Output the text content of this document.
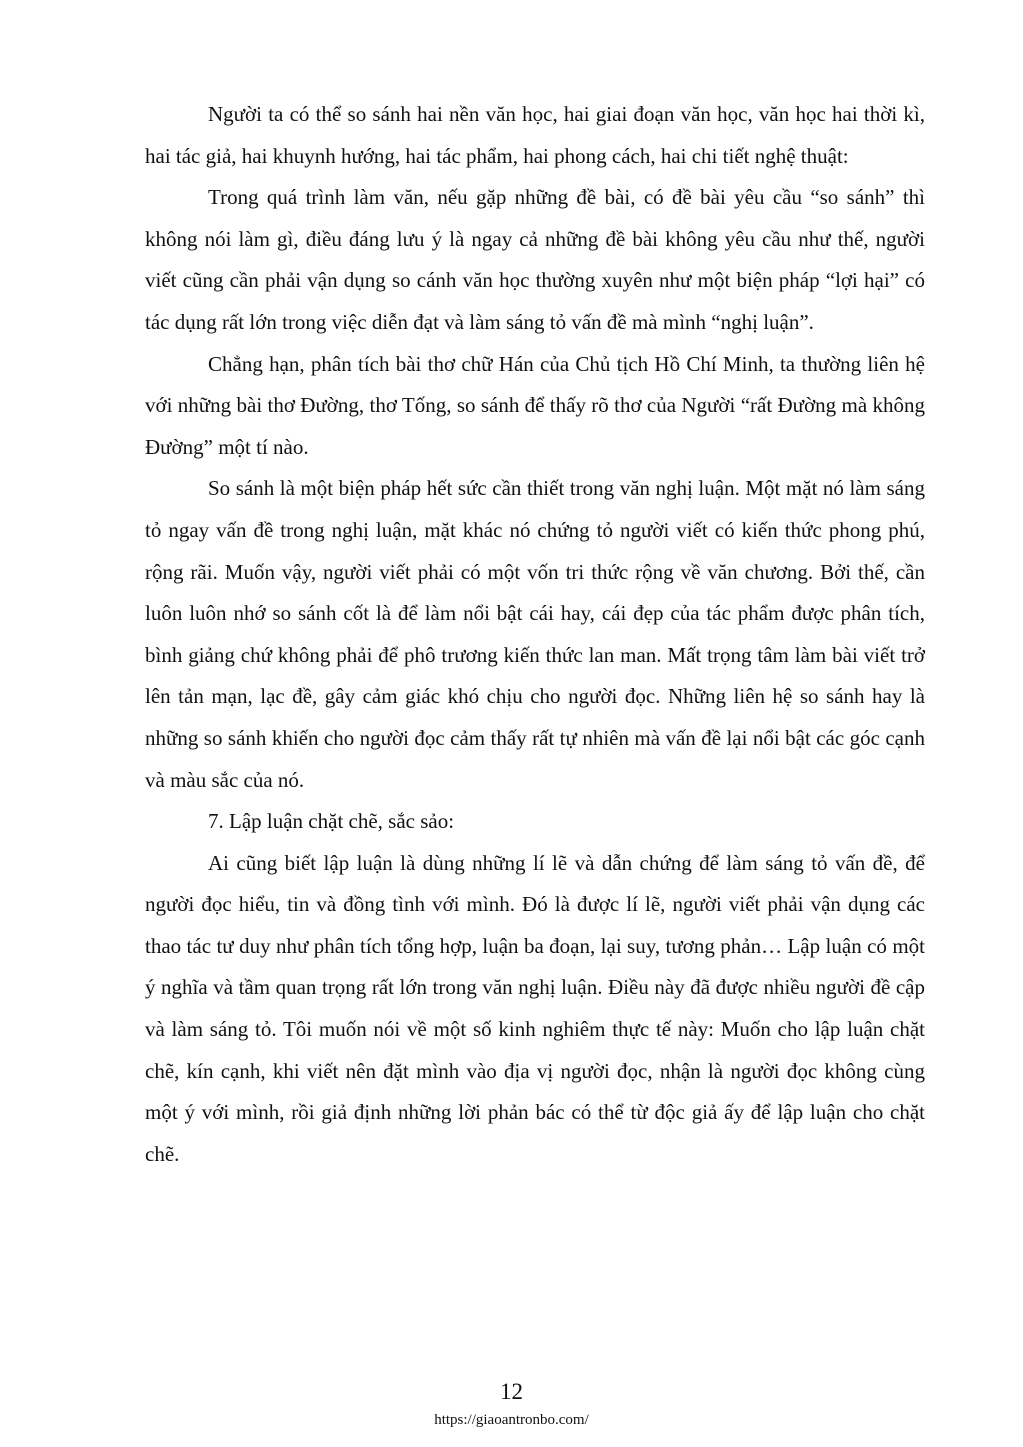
Người ta có thể so sánh hai nền văn học, hai giai đoạn văn học, văn học hai thời kì, hai tác giả, hai khuynh hướng, hai tác phẩm, hai phong cách, hai chi tiết nghệ thuật:

Trong quá trình làm văn, nếu gặp những đề bài, có đề bài yêu cầu “so sánh” thì không nói làm gì, điều đáng lưu ý là ngay cả những đề bài không yêu cầu như thế, người viết cũng cần phải vận dụng so cánh văn học thường xuyên như một biện pháp “lợi hại” có tác dụng rất lớn trong việc diễn đạt và làm sáng tỏ vấn đề mà mình “nghị luận”.

Chẳng hạn, phân tích bài thơ chữ Hán của Chủ tịch Hồ Chí Minh, ta thường liên hệ với những bài thơ Đường, thơ Tống, so sánh để thấy rõ thơ của Người “rất Đường mà không Đường” một tí nào.

So sánh là một biện pháp hết sức cần thiết trong văn nghị luận. Một mặt nó làm sáng tỏ ngay vấn đề trong nghị luận, mặt khác nó chứng tỏ người viết có kiến thức phong phú, rộng rãi. Muốn vậy, người viết phải có một vốn tri thức rộng về văn chương. Bởi thế, cần luôn luôn nhớ so sánh cốt là để làm nổi bật cái hay, cái đẹp của tác phẩm được phân tích, bình giảng chứ không phải để phô trương kiến thức lan man. Mất trọng tâm làm bài viết trở lên tản mạn, lạc đề, gây cảm giác khó chịu cho người đọc. Những liên hệ so sánh hay là những so sánh khiến cho người đọc cảm thấy rất tự nhiên mà vấn đề lại nổi bật các góc cạnh và màu sắc của nó.

7. Lập luận chặt chẽ, sắc sảo:

Ai cũng biết lập luận là dùng những lí lẽ và dẫn chứng để làm sáng tỏ vấn đề, để người đọc hiểu, tin và đồng tình với mình. Đó là được lí lẽ, người viết phải vận dụng các thao tác tư duy như phân tích tổng hợp, luận ba đoạn, lại suy, tương phản… Lập luận có một ý nghĩa và tầm quan trọng rất lớn trong văn nghị luận. Điều này đã được nhiều người đề cập và làm sáng tỏ. Tôi muốn nói về một số kinh nghiêm thực tế này: Muốn cho lập luận chặt chẽ, kín cạnh, khi viết nên đặt mình vào địa vị người đọc, nhận là người đọc không cùng một ý với mình, rồi giả định những lời phản bác có thể từ độc giả ấy để lập luận cho chặt chẽ.

12
https://giaoantronbo.com/
